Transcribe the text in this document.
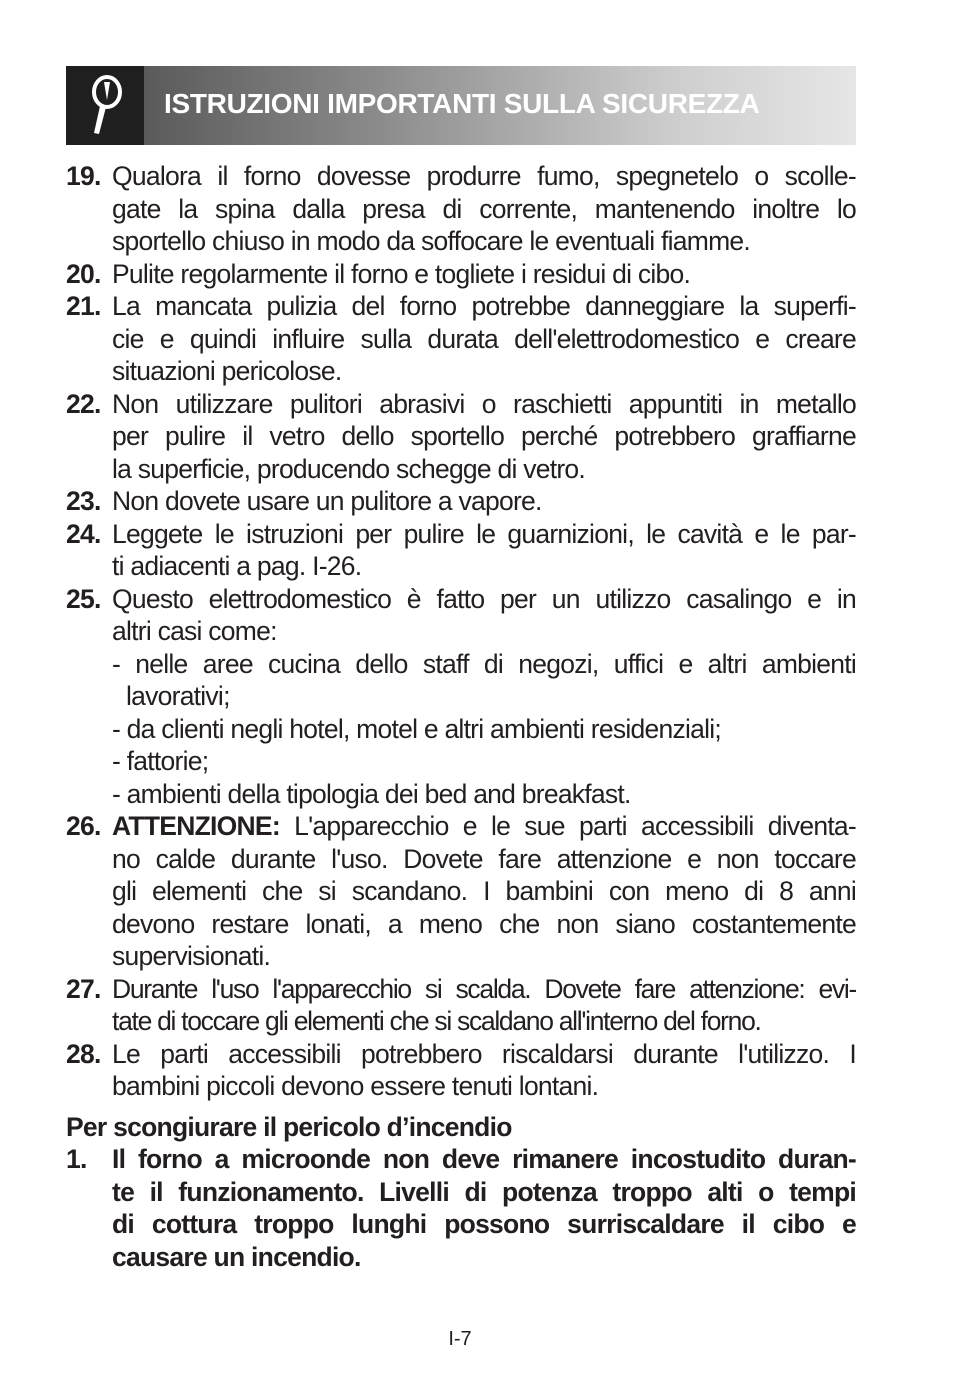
ISTRUZIONI IMPORTANTI SULLA SICUREZZA
19. Qualora il forno dovesse produrre fumo, spegnetelo o scolle-
gate la spina dalla presa di corrente, mantenendo inoltre lo
sportello chiuso in modo da soffocare le eventuali fiamme.
20. Pulite regolarmente il forno e togliete i residui di cibo.
21. La mancata pulizia del forno potrebbe danneggiare la superfi-
cie e quindi influire sulla durata dell'elettrodomestico e creare
situazioni pericolose.
22. Non utilizzare pulitori abrasivi o raschietti appuntiti in metallo
per pulire il vetro dello sportello perché potrebbero graffiarne
la superficie, producendo schegge di vetro.
23. Non dovete usare un pulitore a vapore.
24. Leggete le istruzioni per pulire le guarnizioni, le cavità e le par-
ti adiacenti a pag. I-26.
25. Questo elettrodomestico è fatto per un utilizzo casalingo e in
altri casi come:
- nelle aree cucina dello staff di negozi, uffici e altri ambienti
lavorativi;
- da clienti negli hotel, motel e altri ambienti residenziali;
- fattorie;
- ambienti della tipologia dei bed and breakfast.
26. ATTENZIONE: L'apparecchio e le sue parti accessibili diventa-
no calde durante l'uso. Dovete fare attenzione e non toccare
gli elementi che si scandano. I bambini con meno di 8 anni
devono restare lonati, a meno che non siano costantemente
supervisionati.
27. Durante l'uso l'apparecchio si scalda. Dovete fare attenzione: evi-
tate di toccare gli elementi che si scaldano all'interno del forno.
28. Le parti accessibili potrebbero riscaldarsi durante l'utilizzo. I
bambini piccoli devono essere tenuti lontani.
Per scongiurare il pericolo d’incendio
1. Il forno a microonde non deve rimanere incostudito duran-
te il funzionamento. Livelli di potenza troppo alti o tempi
di cottura troppo lunghi possono surriscaldare il cibo e
causare un incendio.
I-7
